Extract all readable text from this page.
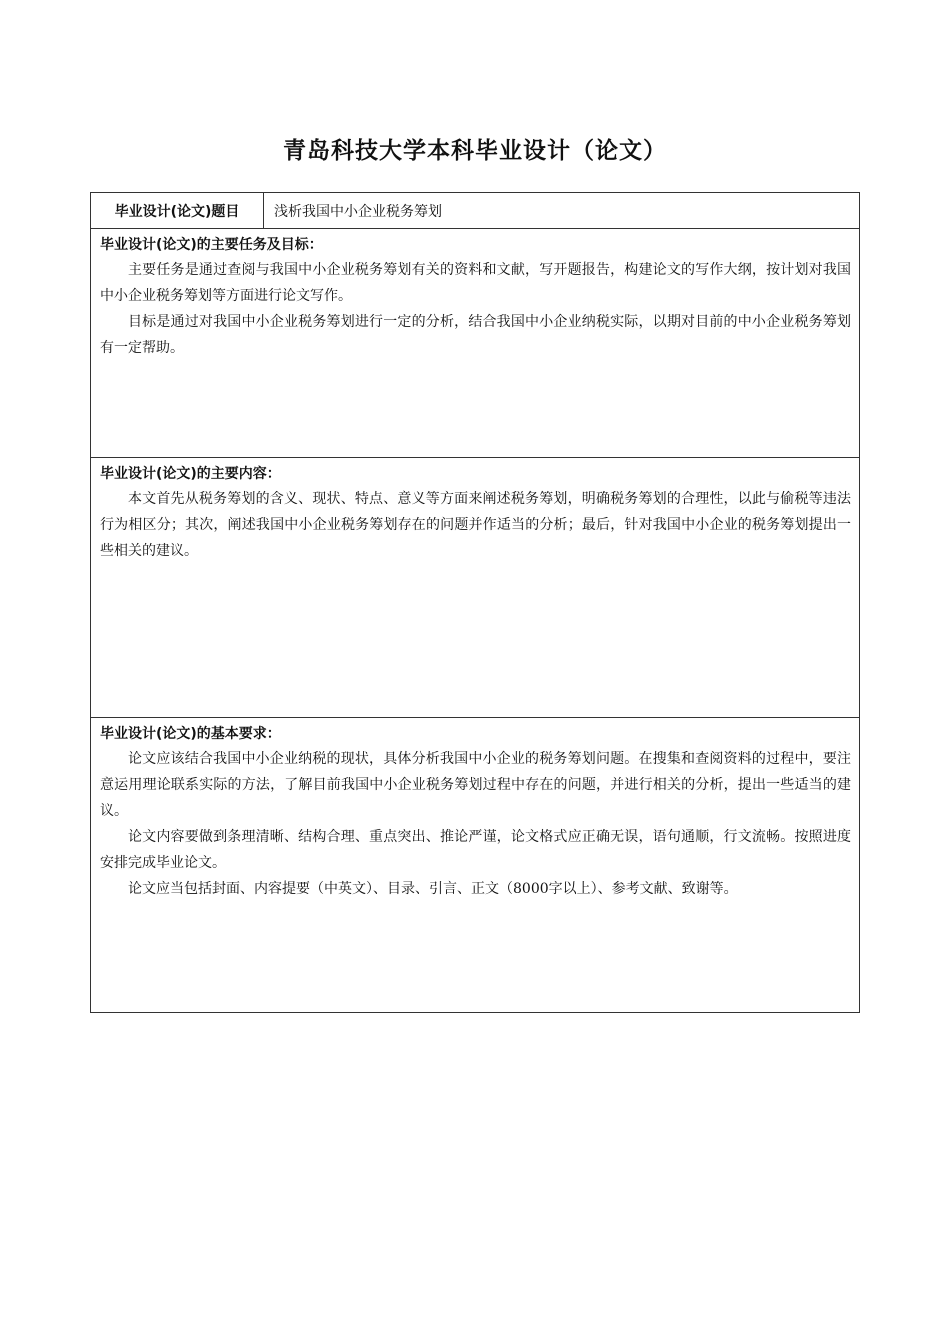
青岛科技大学本科毕业设计（论文）
毕业设计(论文)题目	浅析我国中小企业税务筹划
毕业设计(论文)的主要任务及目标：

主要任务是通过查阅与我国中小企业税务筹划有关的资料和文献，写开题报告，构建论文的写作大纲，按计划对我国中小企业税务筹划等方面进行论文写作。

目标是通过对我国中小企业税务筹划进行一定的分析，结合我国中小企业纳税实际，以期对目前的中小企业税务筹划有一定帮助。

毕业设计(论文)的主要内容：

本文首先从税务筹划的含义、现状、特点、意义等方面来阐述税务筹划，明确税务筹划的合理性，以此与偷税等违法行为相区分；其次，阐述我国中小企业税务筹划存在的问题并作适当的分析；最后，针对我国中小企业的税务筹划提出一些相关的建议。

毕业设计(论文)的基本要求：

论文应该结合我国中小企业纳税的现状，具体分析我国中小企业的税务筹划问题。在搜集和查阅资料的过程中，要注意运用理论联系实际的方法，了解目前我国中小企业税务筹划过程中存在的问题，并进行相关的分析，提出一些适当的建议。

论文内容要做到条理清晰、结构合理、重点突出、推论严谨，论文格式应正确无误，语句通顺，行文流畅。按照进度安排完成毕业论文。

论文应当包括封面、内容提要（中英文）、目录、引言、正文（8000字以上）、参考文献、致谢等。
